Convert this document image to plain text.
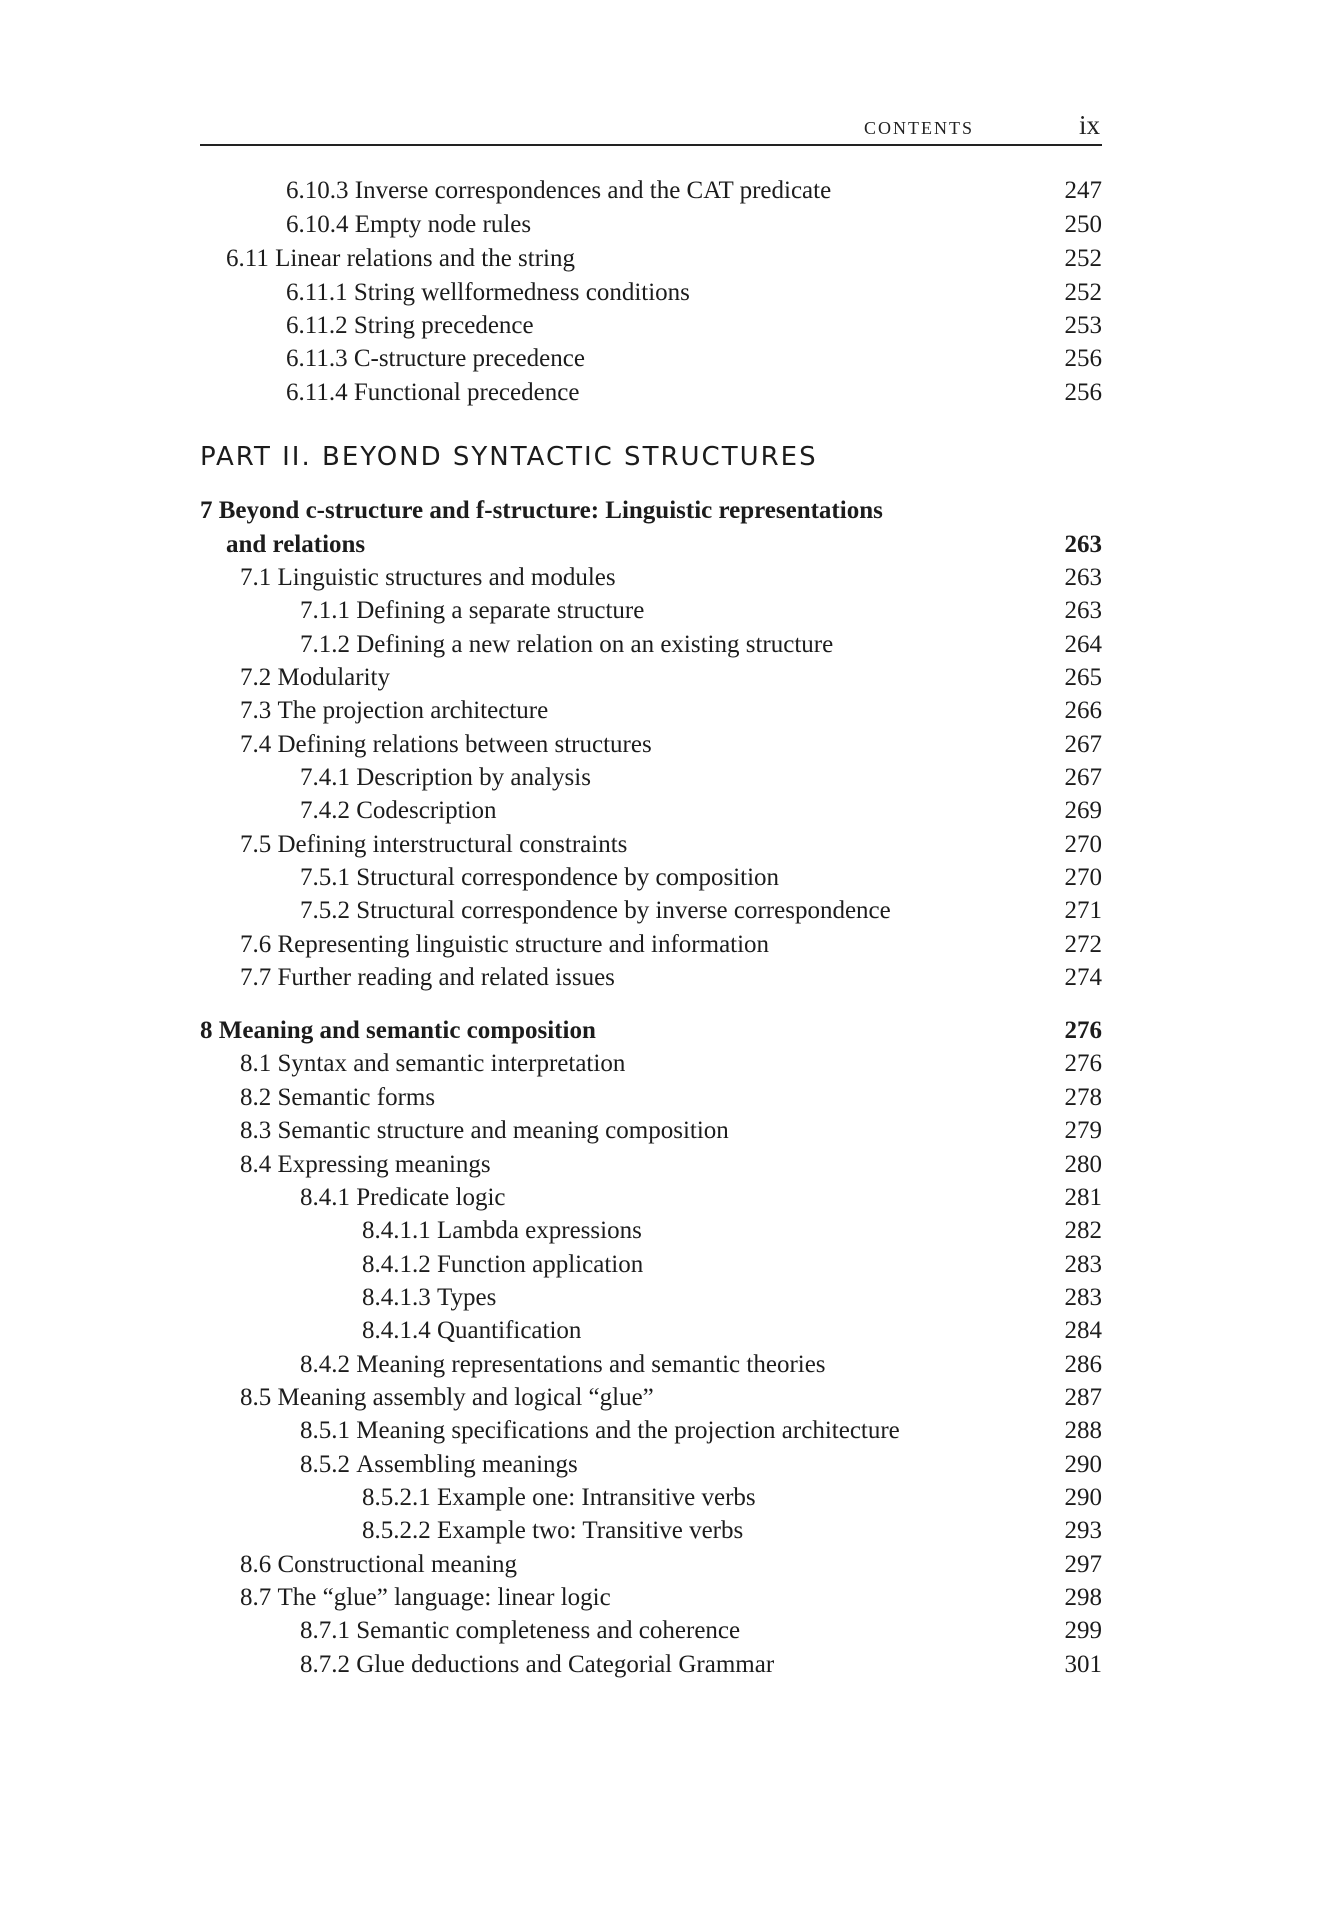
CONTENTS	ix
6.10.3 Inverse correspondences and the CAT predicate	247
6.10.4 Empty node rules	250
6.11 Linear relations and the string	252
6.11.1 String wellformedness conditions	252
6.11.2 String precedence	253
6.11.3 C-structure precedence	256
6.11.4 Functional precedence	256
7 Beyond c-structure and f-structure: Linguistic representations
and relations	263
7.1 Linguistic structures and modules	263
7.1.1 Defining a separate structure	263
7.1.2 Defining a new relation on an existing structure	264
7.2 Modularity	265
7.3 The projection architecture	266
7.4 Defining relations between structures	267
7.4.1 Description by analysis	267
7.4.2 Codescription	269
7.5 Defining interstructural constraints	270
7.5.1 Structural correspondence by composition	270
7.5.2 Structural correspondence by inverse correspondence	271
7.6 Representing linguistic structure and information	272
7.7 Further reading and related issues	274
8 Meaning and semantic composition	276
8.1 Syntax and semantic interpretation	276
8.2 Semantic forms	278
8.3 Semantic structure and meaning composition	279
8.4 Expressing meanings	280
8.4.1 Predicate logic	281
8.4.1.1 Lambda expressions	282
8.4.1.2 Function application	283
8.4.1.3 Types	283
8.4.1.4 Quantification	284
8.4.2 Meaning representations and semantic theories	286
8.5 Meaning assembly and logical “glue”	287
8.5.1 Meaning specifications and the projection architecture	288
8.5.2 Assembling meanings	290
8.5.2.1 Example one: Intransitive verbs	290
8.5.2.2 Example two: Transitive verbs	293
8.6 Constructional meaning	297
8.7 The “glue” language: linear logic	298
8.7.1 Semantic completeness and coherence	299
8.7.2 Glue deductions and Categorial Grammar	301
PART II. BEYOND SYNTACTIC STRUCTURES
